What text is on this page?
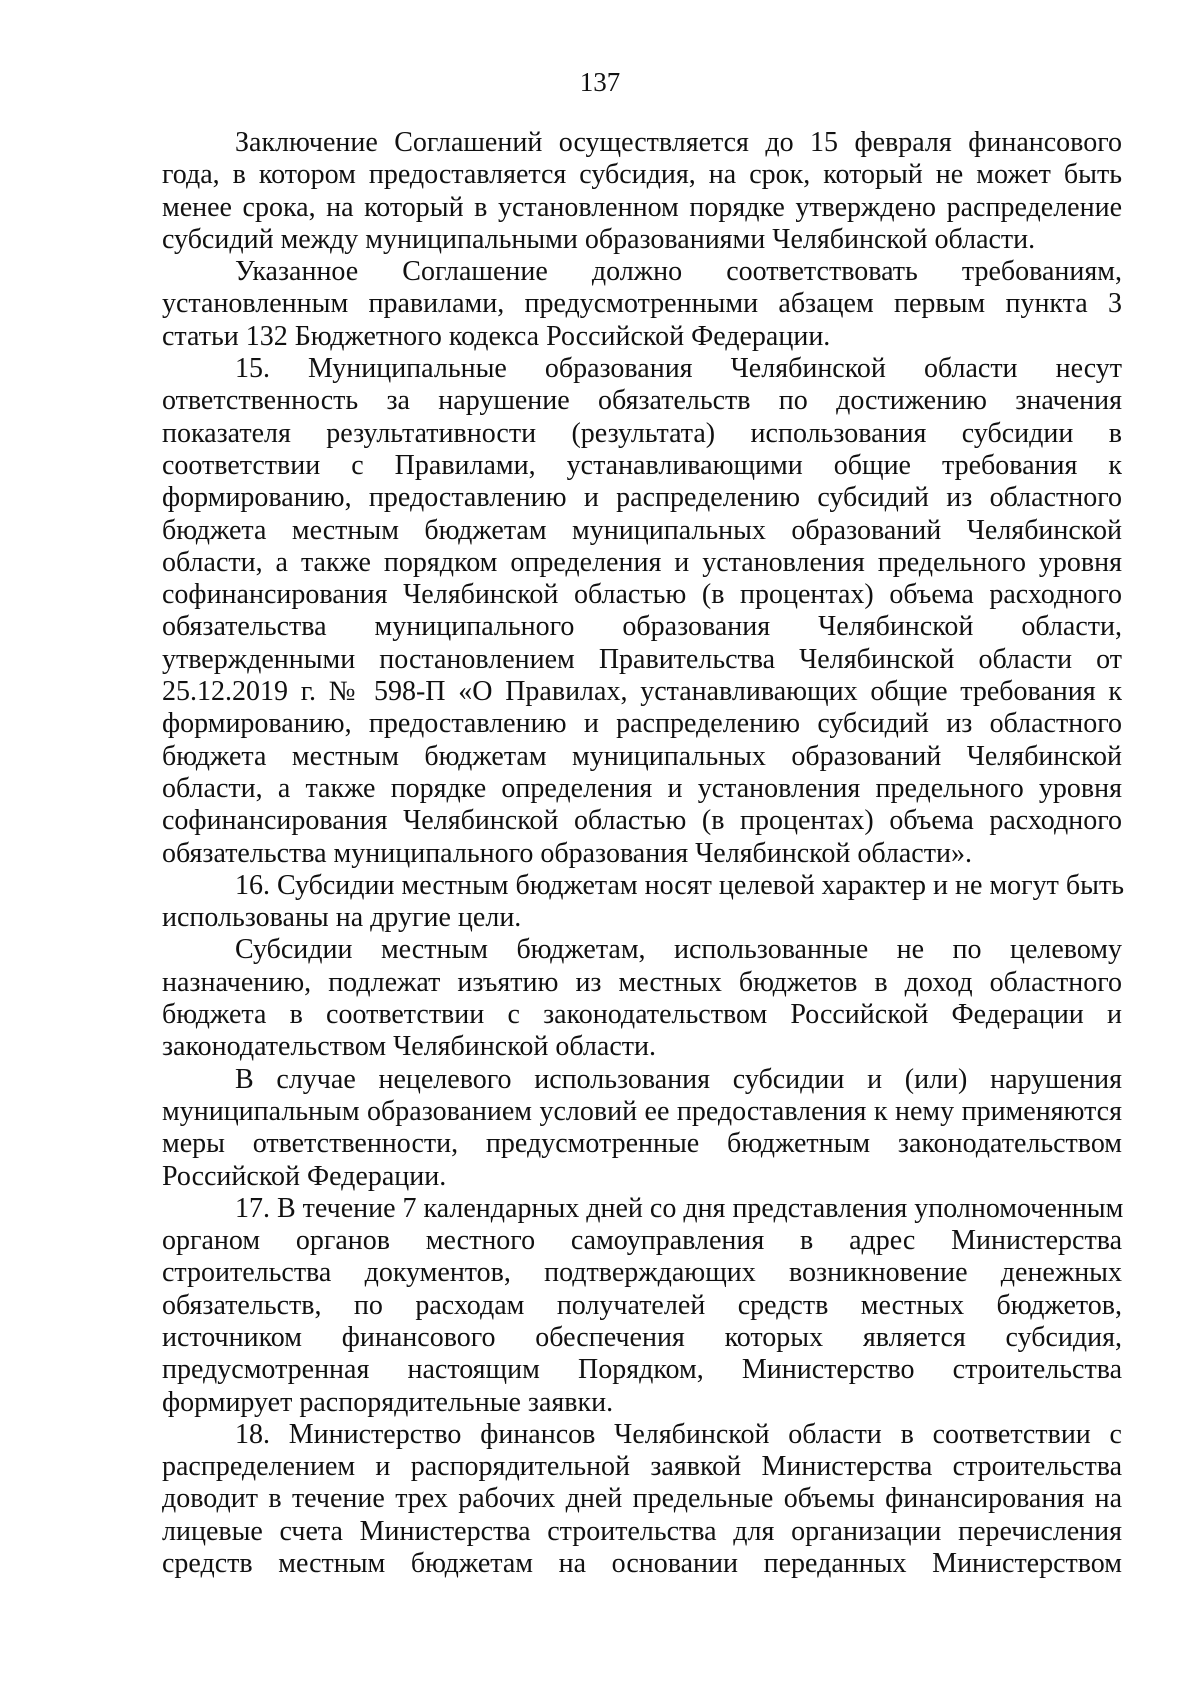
137
Заключение Соглашений осуществляется до 15 февраля финансового
года, в котором предоставляется субсидия, на срок, который не может быть
менее срока, на который в установленном порядке утверждено распределение
субсидий между муниципальными образованиями Челябинской области.
Указанное Соглашение должно соответствовать требованиям,
установленным правилами, предусмотренными абзацем первым пункта 3
статьи 132 Бюджетного кодекса Российской Федерации.
15. Муниципальные образования Челябинской области несут
ответственность за нарушение обязательств по достижению значения
показателя результативности (результата) использования субсидии в
соответствии с Правилами, устанавливающими общие требования к
формированию, предоставлению и распределению субсидий из областного
бюджета местным бюджетам муниципальных образований Челябинской
области, а также порядком определения и установления предельного уровня
софинансирования Челябинской областью (в процентах) объема расходного
обязательства муниципального образования Челябинской области,
утвержденными постановлением Правительства Челябинской области от
25.12.2019 г. № 598-П «О Правилах, устанавливающих общие требования к
формированию, предоставлению и распределению субсидий из областного
бюджета местным бюджетам муниципальных образований Челябинской
области, а также порядке определения и установления предельного уровня
софинансирования Челябинской областью (в процентах) объема расходного
обязательства муниципального образования Челябинской области».
16. Субсидии местным бюджетам носят целевой характер и не могут быть
использованы на другие цели.
Субсидии местным бюджетам, использованные не по целевому
назначению, подлежат изъятию из местных бюджетов в доход областного
бюджета в соответствии с законодательством Российской Федерации и
законодательством Челябинской области.
В случае нецелевого использования субсидии и (или) нарушения
муниципальным образованием условий ее предоставления к нему применяются
меры ответственности, предусмотренные бюджетным законодательством
Российской Федерации.
17. В течение 7 календарных дней со дня представления уполномоченным
органом органов местного самоуправления в адрес Министерства
строительства документов, подтверждающих возникновение денежных
обязательств, по расходам получателей средств местных бюджетов,
источником финансового обеспечения которых является субсидия,
предусмотренная настоящим Порядком, Министерство строительства
формирует распорядительные заявки.
18. Министерство финансов Челябинской области в соответствии с
распределением и распорядительной заявкой Министерства строительства
доводит в течение трех рабочих дней предельные объемы финансирования на
лицевые счета Министерства строительства для организации перечисления
средств местным бюджетам на основании переданных Министерством
